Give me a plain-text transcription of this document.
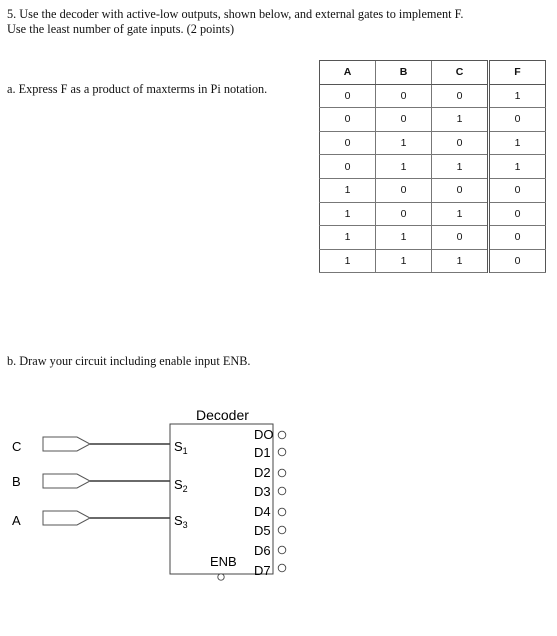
5. Use the decoder with active-low outputs, shown below, and external gates to implement F.
Use the least number of gate inputs. (2 points)
a. Express F as a product of maxterms in Pi notation.
A	B	C	F
0	0	0	1
0	0	1	0
0	1	0	1
0	1	1	1
1	0	0	0
1	0	1	0
1	1	0	0
1	1	1	0
b. Draw your circuit including enable input ENB.
C
B
A
Decoder
$S_1$
$S_2$
$S_3$
DO
D1
D2
D3
D4
D5
D6
D7
ENB
